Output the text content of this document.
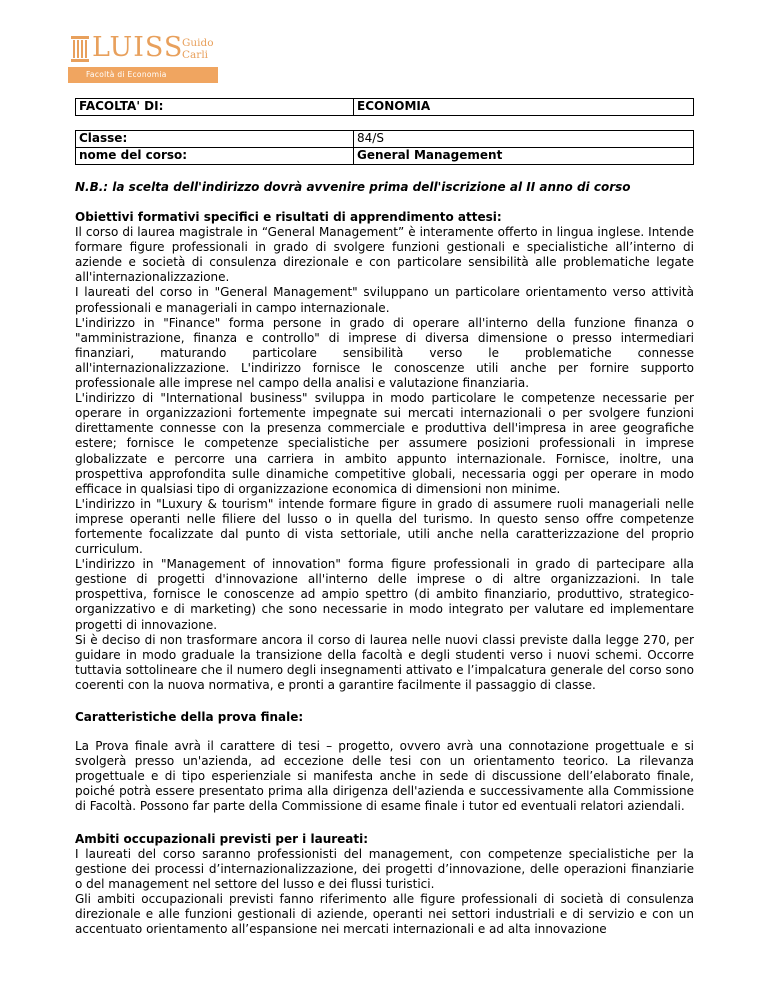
LUISS
Guido
Carli
Facoltà di Economia
FACOLTA' DI:	ECONOMIA
Classe:	84/S
nome del corso:	General Management
N.B.: la scelta dell'indirizzo dovrà avvenire prima dell'iscrizione al II anno di corso
Obiettivi formativi specifici e risultati di apprendimento attesi:

Il corso di laurea magistrale in “General Management” è interamente offerto in lingua inglese. Intende formare figure professionali in grado di svolgere funzioni gestionali e specialistiche all’interno di aziende e società di consulenza direzionale e con particolare sensibilità alle problematiche legate all'internazionalizzazione.

I laureati del corso in "General Management" svilupp​ano un particolare orientamento verso attività professionali e manageriali in campo internazionale.

L'indirizzo in "Finance" forma persone in grado di operare all'interno della funzione finanza o "amministrazione, finanza e controllo" di imprese di diversa dimensione o presso intermediari finanziari, maturando particolare sensibilità verso le problematiche connesse all'internazionalizzazione. L'indirizzo fornisce le conoscenze utili anche per fornire supporto professionale alle imprese nel campo della analisi e valutazione finanziaria.

L'indirizzo di "International business" sviluppa in modo particolare le competenze necessarie per operare in organizzazioni fortemente impegnate sui mercati internazionali o per svolgere funzioni direttamente connesse con la presenza commerciale e produttiva dell'impresa in aree geografiche estere; fornisce le competenze specialistiche per assumere posizioni professionali in imprese globalizzate e percorre una carriera in ambito appunto internazionale. Fornisce, inoltre, una prospettiva approfondita sulle dinamiche competitive globali, necessaria oggi per operare in modo efficace in qualsiasi tipo di organizzazione economica di dimensioni non minime.

L'indirizzo in "Luxury & tourism" intende formare figure in grado di assumere ruoli manageriali nelle imprese operanti nelle filiere del lusso o in quella del turismo. In questo senso offre competenze fortemente focalizzate dal punto di vista settoriale, utili anche nella caratterizzazione del proprio curriculum.

L'indirizzo in "Management of innovation" forma figure professionali in grado di partecipare alla gestione di progetti d'innovazione all'interno delle imprese o di altre organizzazioni. In tale prospettiva, fornisce le conoscenze ad ampio spettro (di ambito finanziario, produttivo, strategico-organizzativo e di marketing) che sono necessarie in modo integrato per valutare ed implementare progetti di innovazione.

Si è deciso di non trasformare ancora il corso di laurea nelle nuovi classi previste dalla legge 270, per guidare in modo graduale la transizione della facoltà e degli studenti verso i nuovi schemi. Occorre tuttavia sottolineare che il numero degli insegnamenti attivato e l’impalcatura generale del corso sono coerenti con la nuova normativa, e pronti a garantire facilmente il passaggio di classe.

Caratteristiche della prova finale:

La Prova finale avrà il carattere di tesi – progetto, ovvero avrà una connotazione progettuale e si svolgerà presso un'azienda, ad eccezione delle tesi con un orientamento teorico. La rilevanza progettuale e di tipo esperienziale si manifesta anche in sede di discussione dell’elaborato finale, poiché potrà essere presentato prima alla dirigenza dell'azienda e successivamente alla Commissione di Facoltà. Possono far parte della Commissione di esame finale i tutor ed eventuali relatori aziendali.

Ambiti occupazionali previsti per i laureati:

I laureati del corso saranno professionisti del management, con competenze specialistiche per la gestione dei processi d’internazionalizzazione, dei progetti d’innovazione, delle operazioni finanziarie o del management nel settore del lusso e dei flussi turistici.

Gli ambiti occupazionali previsti fanno riferimento alle figure professionali di società di consulenza direzionale e alle funzioni gestionali di aziende, operanti nei settori industriali e di servizio e con un accentuato orientamento all’espansione nei mercati internazionali e ad alta innovazione
